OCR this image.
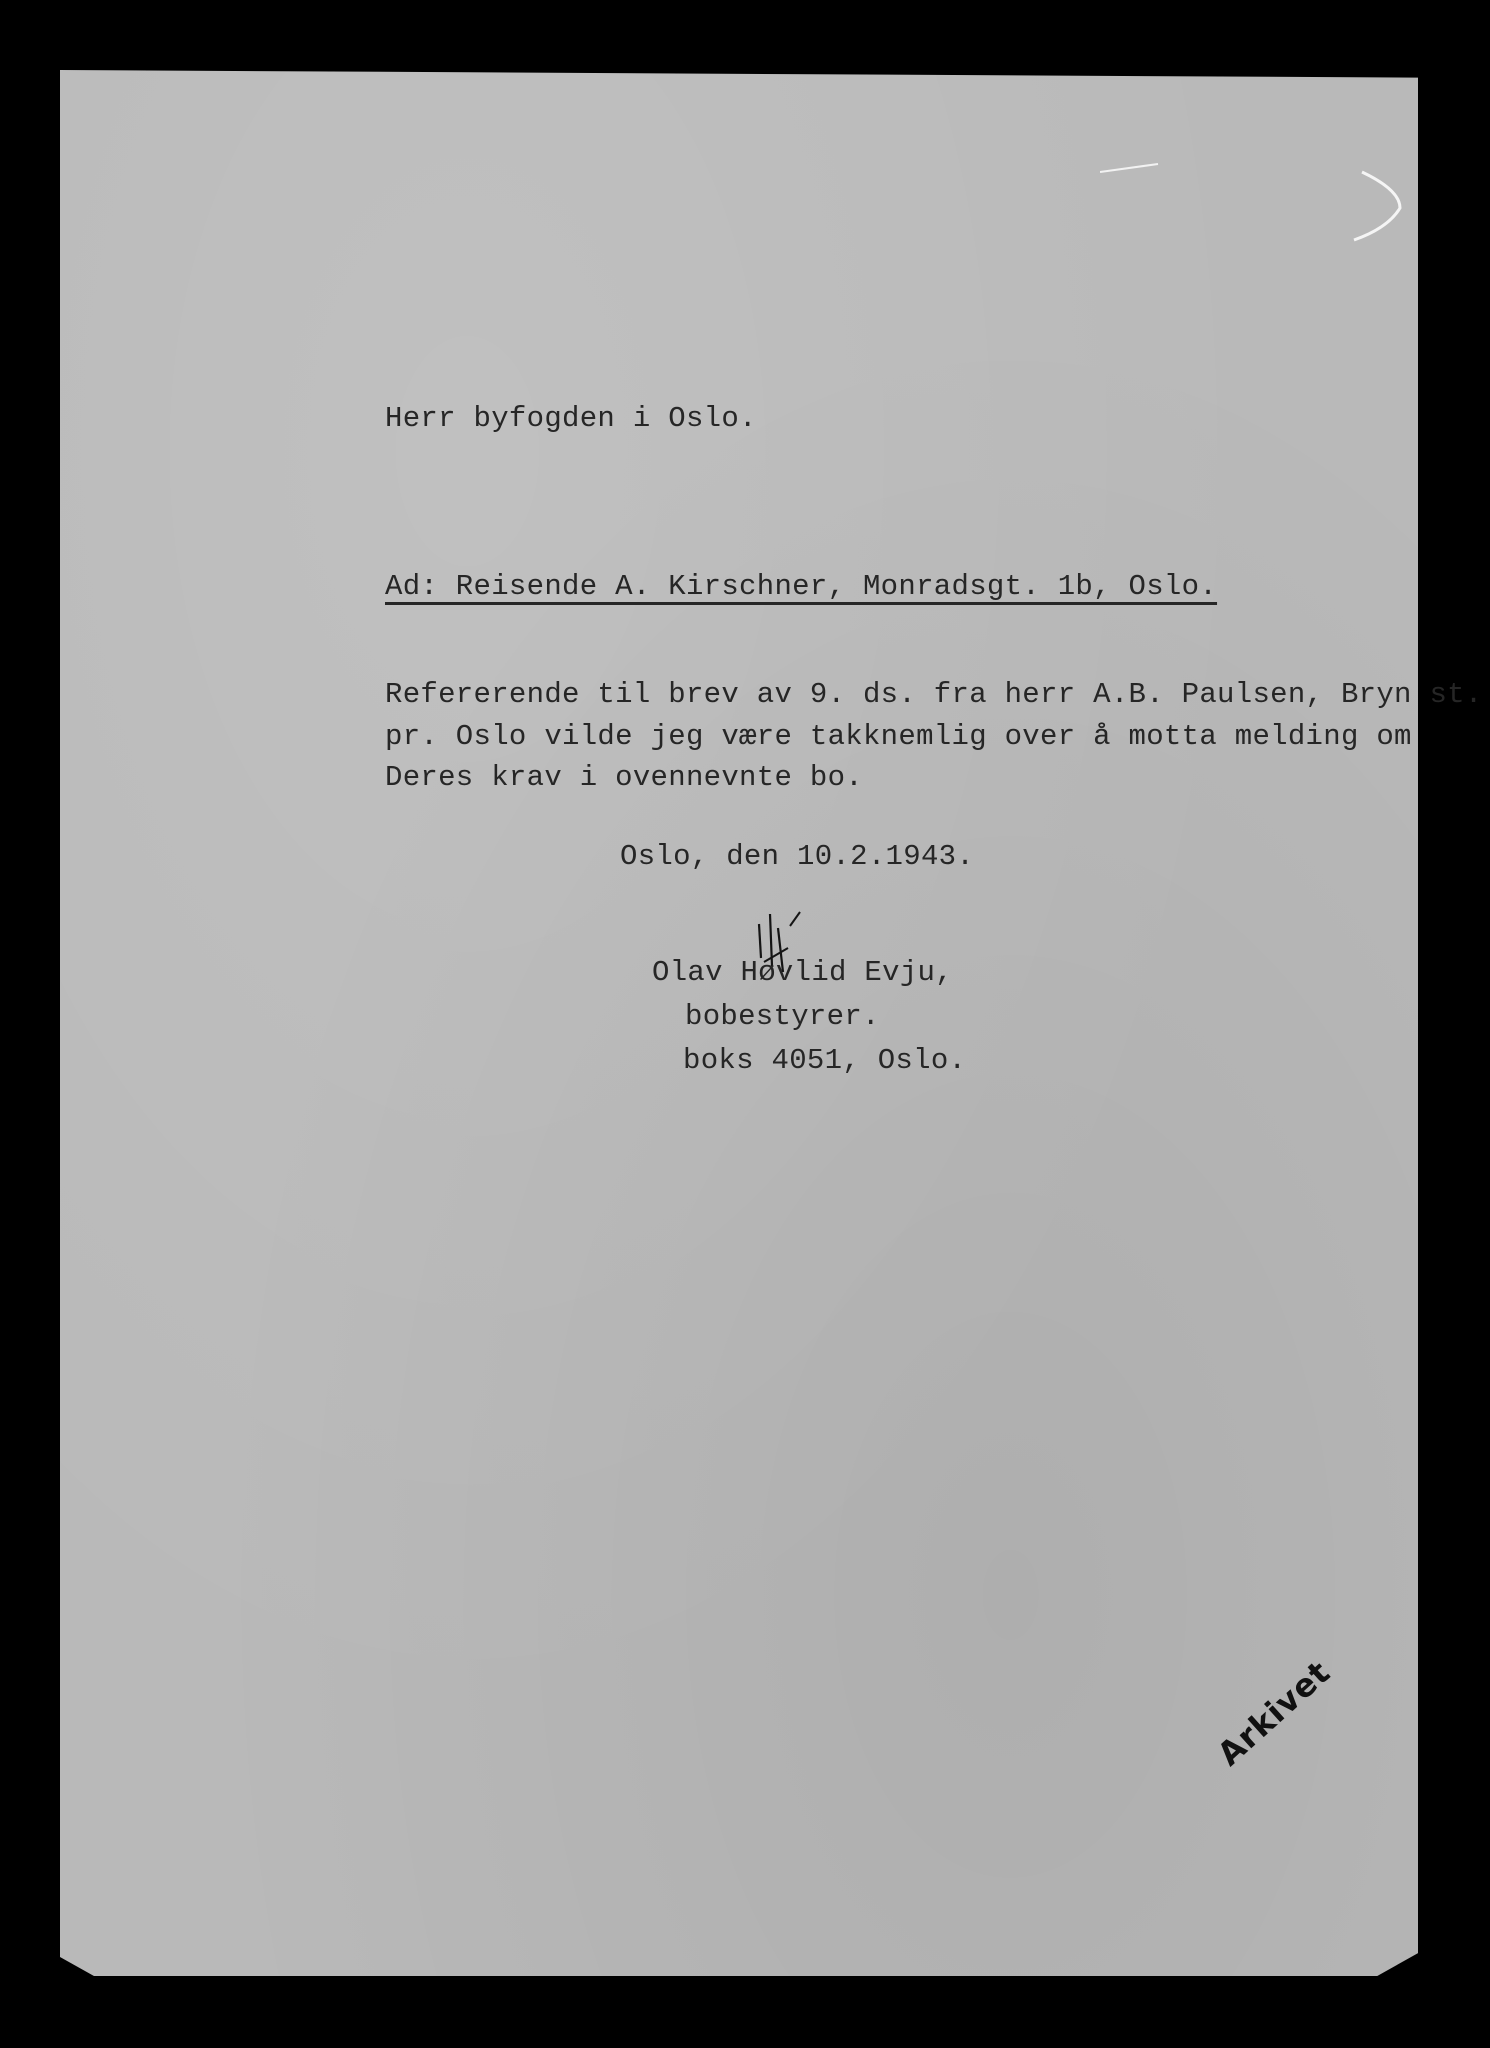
Herr byfogden i Oslo.
Ad: Reisende A. Kirschner, Monradsgt. 1b, Oslo.
Refererende til brev av 9. ds. fra herr A.B. Paulsen, Bryn st.
pr. Oslo vilde jeg være takknemlig over å motta melding om
Deres krav i ovennevnte bo.
Oslo, den 10.2.1943.
Olav Høvlid Evju,
bobestyrer.
boks 4051, Oslo.
Arkivet
